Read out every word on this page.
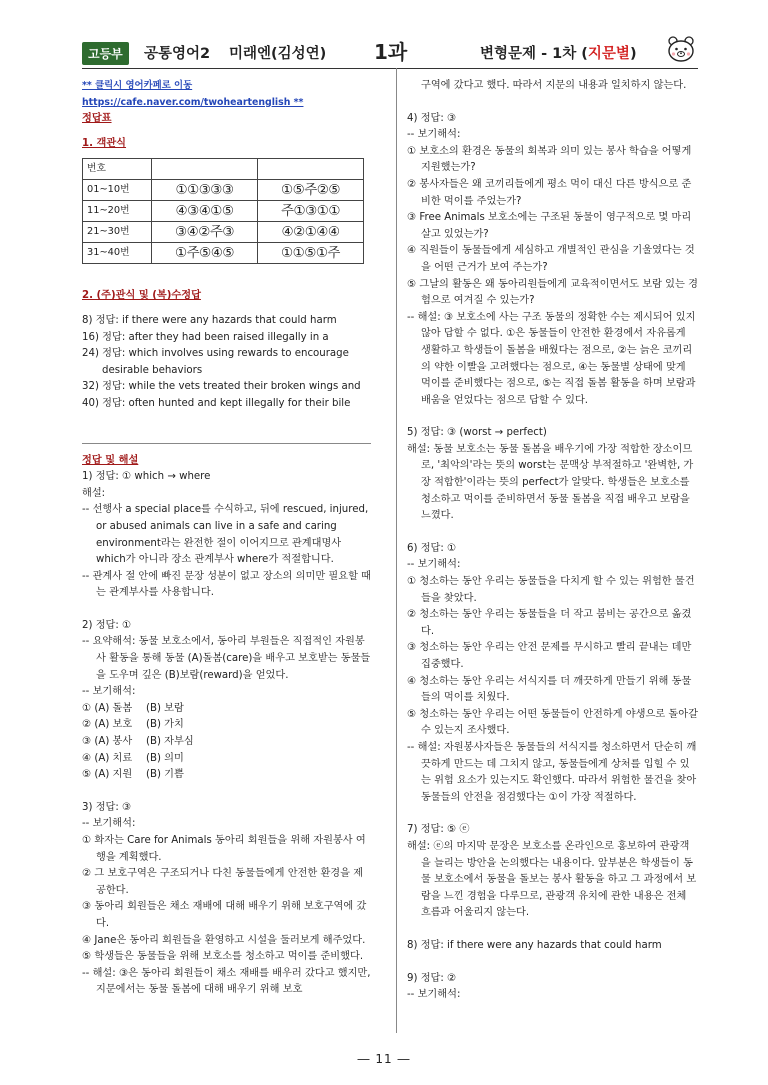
고등부	공통영어2 미래엔(김성연) 1과	변형문제 - 1차 (지문별)

** 클릭시 영어카페로 이동 https://cafe.naver.com/twoheartenglish **

정답표

1. 객관식

번호		
01~10번	①①③③③	①⑤주②⑤
11~20번	④③④①⑤	주①③①①
21~30번	③④②주③	④②①④④
31~40번	①주⑤④⑤	①①⑤①주

2. (주)관식 및 (복)수정답

8) 정답: if there were any hazards that could harm

16) 정답: after they had been raised illegally in a

24) 정답: which involves using rewards to encourage desirable behaviors

32) 정답: while the vets treated their broken wings and

40) 정답: often hunted and kept illegally for their bile

정답 및 해설

1) 정답: ① which → where

해설:

-- 선행사 a special place를 수식하고, 뒤에 rescued, injured, or abused animals can live in a safe and caring environment라는 완전한 절이 이어지므로 관계대명사 which가 아니라 장소 관계부사 where가 적절합니다.

-- 관계사 절 안에 빠진 문장 성분이 없고 장소의 의미만 필요할 때는 관계부사를 사용합니다.

2) 정답: ①

-- 요약해석: 동물 보호소에서, 동아리 부원들은 직접적인 자원봉사 활동을 통해 동물 (A)돌봄(care)을 배우고 보호받는 동물들을 도우며 깊은 (B)보람(reward)을 얻었다.

-- 보기해석:

① (A) 돌봄 (B) 보람

② (A) 보호 (B) 가치

③ (A) 봉사 (B) 자부심

④ (A) 치료 (B) 의미

⑤ (A) 지원 (B) 기쁨

3) 정답: ③

-- 보기해석:

① 화자는 Care for Animals 동아리 회원들을 위해 자원봉사 여행을 계획했다.

② 그 보호구역은 구조되거나 다친 동물들에게 안전한 환경을 제공한다.

③ 동아리 회원들은 채소 재배에 대해 배우기 위해 보호구역에 갔다.

④ Jane은 동아리 회원들을 환영하고 시설을 둘러보게 해주었다.

⑤ 학생들은 동물들을 위해 보호소를 청소하고 먹이를 준비했다.

-- 해설: ③은 동아리 회원들이 채소 재배를 배우러 갔다고 했지만, 지문에서는 동물 돌봄에 대해 배우기 위해 보호

구역에 갔다고 했다. 따라서 지문의 내용과 일치하지 않는다.

4) 정답: ③

-- 보기해석:

① 보호소의 환경은 동물의 회복과 의미 있는 봉사 학습을 어떻게 지원했는가?

② 봉사자들은 왜 코끼리들에게 평소 먹이 대신 다른 방식으로 준비한 먹이를 주었는가?

③ Free Animals 보호소에는 구조된 동물이 영구적으로 몇 마리 살고 있었는가?

④ 직원들이 동물들에게 세심하고 개별적인 관심을 기울였다는 것을 어떤 근거가 보여 주는가?

⑤ 그날의 활동은 왜 동아리원들에게 교육적이면서도 보람 있는 경험으로 여겨질 수 있는가?

-- 해설: ③ 보호소에 사는 구조 동물의 정확한 수는 제시되어 있지 않아 답할 수 없다. ①은 동물들이 안전한 환경에서 자유롭게 생활하고 학생들이 돌봄을 배웠다는 점으로, ②는 늙은 코끼리의 약한 이빨을 고려했다는 점으로, ④는 동물별 상태에 맞게 먹이를 준비했다는 점으로, ⑤는 직접 돌봄 활동을 하며 보람과 배움을 얻었다는 점으로 답할 수 있다.

5) 정답: ③ (worst → perfect)

해설: 동물 보호소는 동물 돌봄을 배우기에 가장 적합한 장소이므로, '최악의'라는 뜻의 worst는 문맥상 부적절하고 '완벽한, 가장 적합한'이라는 뜻의 perfect가 알맞다. 학생들은 보호소를 청소하고 먹이를 준비하면서 동물 돌봄을 직접 배우고 보람을 느꼈다.

6) 정답: ①

-- 보기해석:

① 청소하는 동안 우리는 동물들을 다치게 할 수 있는 위험한 물건들을 찾았다.

② 청소하는 동안 우리는 동물들을 더 작고 붐비는 공간으로 옮겼다.

③ 청소하는 동안 우리는 안전 문제를 무시하고 빨리 끝내는 데만 집중했다.

④ 청소하는 동안 우리는 서식지를 더 깨끗하게 만들기 위해 동물들의 먹이를 치웠다.

⑤ 청소하는 동안 우리는 어떤 동물들이 안전하게 야생으로 돌아갈 수 있는지 조사했다.

-- 해설: 자원봉사자들은 동물들의 서식지를 청소하면서 단순히 깨끗하게 만드는 데 그치지 않고, 동물들에게 상처를 입힐 수 있는 위험 요소가 있는지도 확인했다. 따라서 위험한 물건을 찾아 동물들의 안전을 점검했다는 ①이 가장 적절하다.

7) 정답: ⑤ ⓔ

해설: ⓔ의 마지막 문장은 보호소를 온라인으로 홍보하여 관광객을 늘리는 방안을 논의했다는 내용이다. 앞부분은 학생들이 동물 보호소에서 동물을 돌보는 봉사 활동을 하고 그 과정에서 보람을 느낀 경험을 다루므로, 관광객 유치에 관한 내용은 전체 흐름과 어울리지 않는다.

8) 정답: if there were any hazards that could harm

9) 정답: ②

-- 보기해석:

― 11 ―
